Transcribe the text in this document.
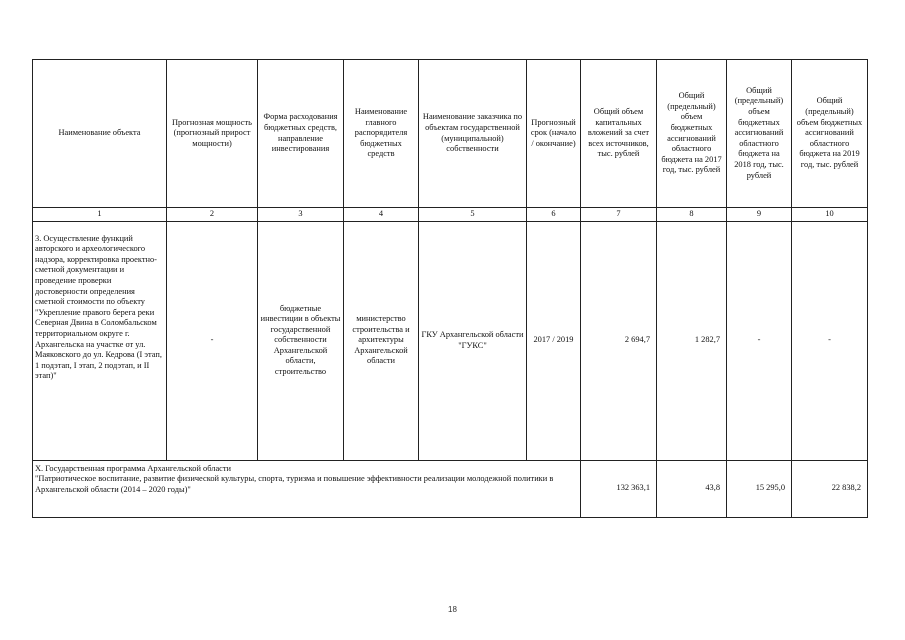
Наименование объекта	Прогнозная мощность (прогнозный прирост мощности)	Форма расходования бюджетных средств, направление инвестирования	Наименование главного распорядителя бюджетных средств	Наименование заказчика по объектам государственной (муниципальной) собственности	Прогнозный срок (начало / окончание)	Общий объем капитальных вложений за счет всех источников, тыс. рублей	Общий (предельный) объем бюджетных ассигнований областного бюджета на 2017 год, тыс. рублей	Общий (предельный) объем бюджетных ассигнований областного бюджета на 2018 год, тыс. рублей	Общий (предельный) объем бюджетных ассигнований областного бюджета на 2019 год, тыс. рублей
1	2	3	4	5	6	7	8	9	10
3. Осуществление функций авторского и археологического надзора, корректировка проектно-сметной документации и проведение проверки достоверности определения сметной стоимости по объекту "Укрепление правого берега реки Северная Двина в Соломбальском территориальном округе г. Архангельска на участке от ул. Маяковского до ул. Кедрова (I этап, 1 подэтап, I этап, 2 подэтап, и II этап)"	-	бюджетные инвестиции в объекты государственной собственности Архангельской области, строительство	министерство строительства и архитектуры Архангельской области	ГКУ Архангельской области "ГУКС"	2017 / 2019	2 694,7	1 282,7	-	-

X. Государственная программа Архангельской области
"Патриотическое воспитание, развитие физической культуры, спорта, туризма и повышение эффективности реализации молодежной политики в Архангельской области (2014 – 2020 годы)"						132 363,1	43,8	15 295,0	22 838,2
18
